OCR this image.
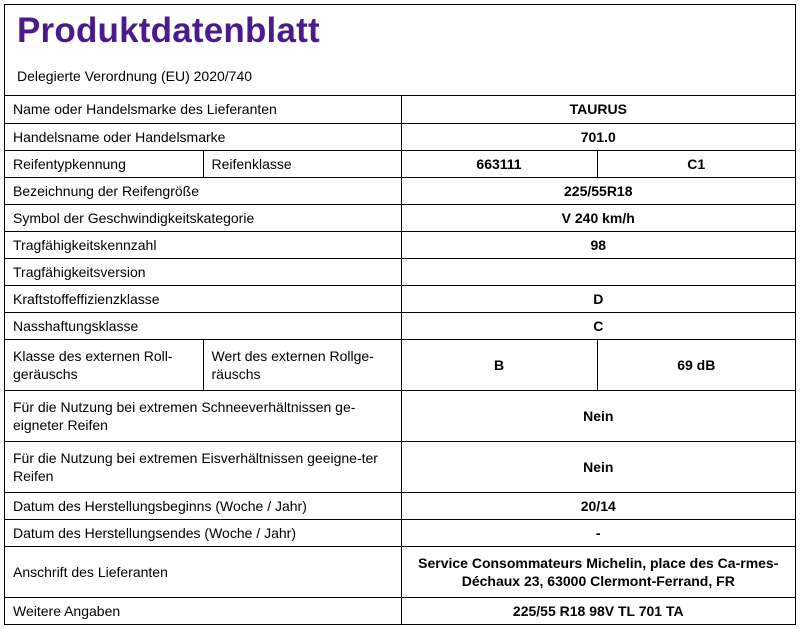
Produktdatenblatt
Delegierte Verordnung (EU) 2020/740
Name oder Handelsmarke des Lieferanten		TAURUS	
Handelsname oder Handelsmarke		701.0	
Reifentypkennung	Reifenklasse	663111	C1
Bezeichnung der Reifengröße		225/55R18	
Symbol der Geschwindigkeitskategorie		V 240 km/h	
Tragfähigkeitskennzahl		98	
Tragfähigkeitsversion			
Kraftstoffeffizienzklasse		D	
Nasshaftungsklasse		C	
Klasse des externen Roll-geräuschs	Wert des externen Rollge-räuschs	B	69 dB
Für die Nutzung bei extremen Schneeverhältnissen ge-eigneter Reifen		Nein	
Für die Nutzung bei extremen Eisverhältnissen geeigne-ter Reifen		Nein	
Datum des Herstellungsbeginns (Woche / Jahr)		20/14	
Datum des Herstellungsendes (Woche / Jahr)		-	
Anschrift des Lieferanten		Service Consommateurs Michelin, place des Ca-rmes-Déchaux 23, 63000 Clermont-Ferrand, FR	
Weitere Angaben		225/55 R18 98V TL 701 TA	
